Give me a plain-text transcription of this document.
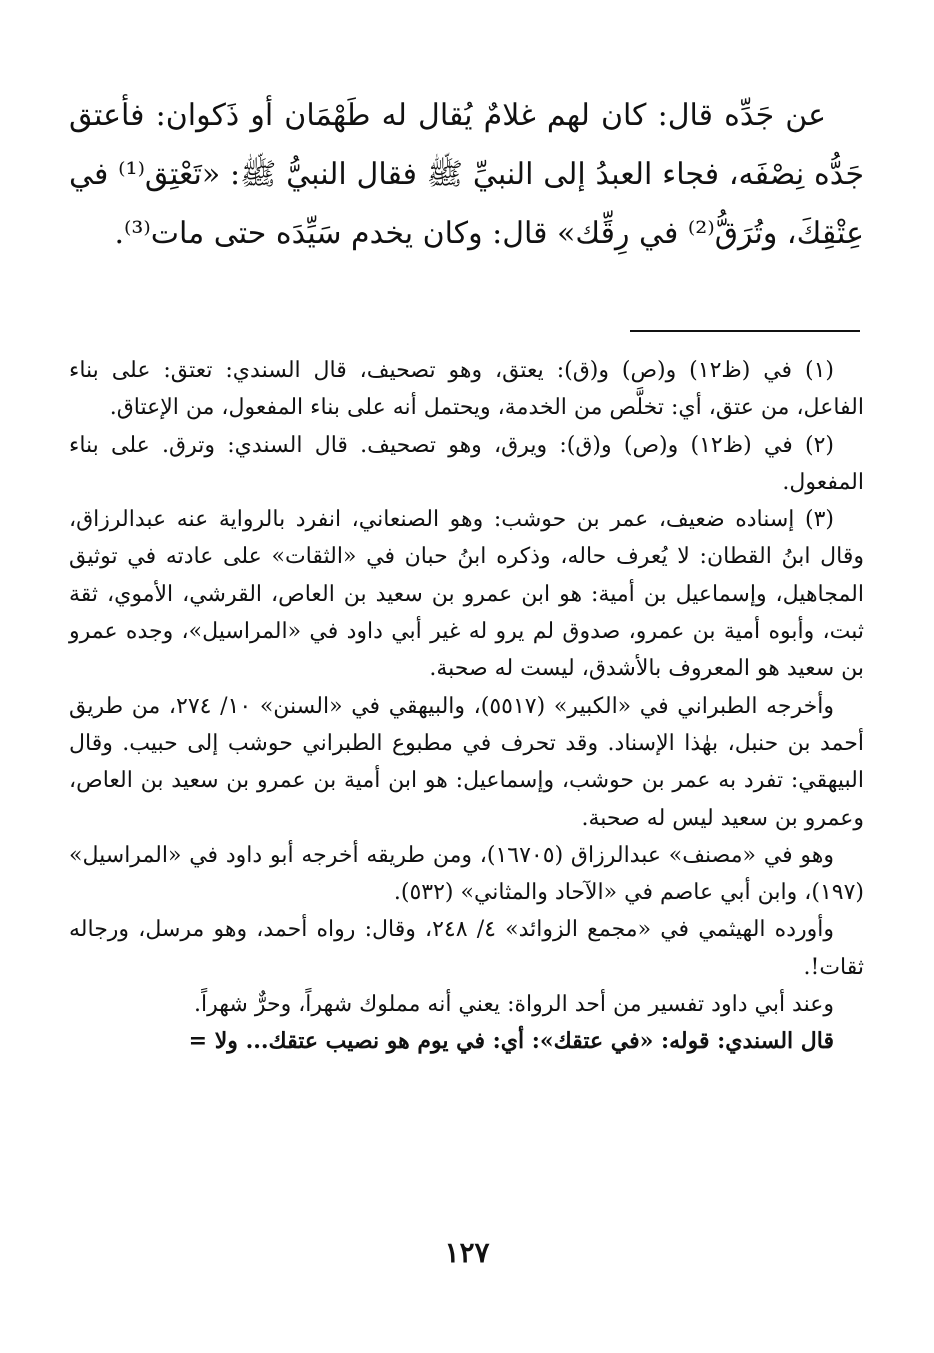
عن جَدِّه قال: كان لهم غلامٌ يُقال له طَهْمَان أو ذَكوان: فأعتق جَدُّه نِصْفَه، فجاء العبدُ إلى النبيِّ ﷺ فقال النبيُّ ﷺ: «تَعْتِق⁽¹⁾ في عِتْقِكَ، وتُرَقُّ⁽²⁾ في رِقِّك» قال: وكان يخدم سَيِّدَه حتى مات⁽³⁾.

(١) في (ظ١٢) و(ص) و(ق): يعتق، وهو تصحيف، قال السندي: تعتق: على بناء الفاعل، من عتق، أي: تخلَّص من الخدمة، ويحتمل أنه على بناء المفعول، من الإعتاق.

(٢) في (ظ١٢) و(ص) و(ق): ويرق، وهو تصحيف. قال السندي: وترق. على بناء المفعول.

(٣) إسناده ضعيف، عمر بن حوشب: وهو الصنعاني، انفرد بالرواية عنه عبدالرزاق، وقال ابنُ القطان: لا يُعرف حاله، وذكره ابنُ حبان في «الثقات» على عادته في توثيق المجاهيل، وإسماعيل بن أمية: هو ابن عمرو بن سعيد بن العاص، القرشي، الأموي، ثقة ثبت، وأبوه أمية بن عمرو، صدوق لم يرو له غير أبي داود في «المراسيل»، وجده عمرو بن سعيد هو المعروف بالأشدق، ليست له صحبة.

وأخرجه الطبراني في «الكبير» (٥٥١٧)، والبيهقي في «السنن» ١٠/ ٢٧٤، من طريق أحمد بن حنبل، بهٰذا الإسناد. وقد تحرف في مطبوع الطبراني حوشب إلى حبيب. وقال البيهقي: تفرد به عمر بن حوشب، وإسماعيل: هو ابن أمية بن عمرو بن سعيد بن العاص، وعمرو بن سعيد ليس له صحبة.

وهو في «مصنف» عبدالرزاق (١٦٧٠٥)، ومن طريقه أخرجه أبو داود في «المراسيل» (١٩٧)، وابن أبي عاصم في «الآحاد والمثاني» (٥٣٢).

وأورده الهيثمي في «مجمع الزوائد» ٤/ ٢٤٨، وقال: رواه أحمد، وهو مرسل، ورجاله ثقات!.

وعند أبي داود تفسير من أحد الرواة: يعني أنه مملوك شهراً، وحرٌّ شهراً.

قال السندي: قوله: «في عتقك»: أي: في يوم هو نصيب عتقك... ولا =

١٢٧
